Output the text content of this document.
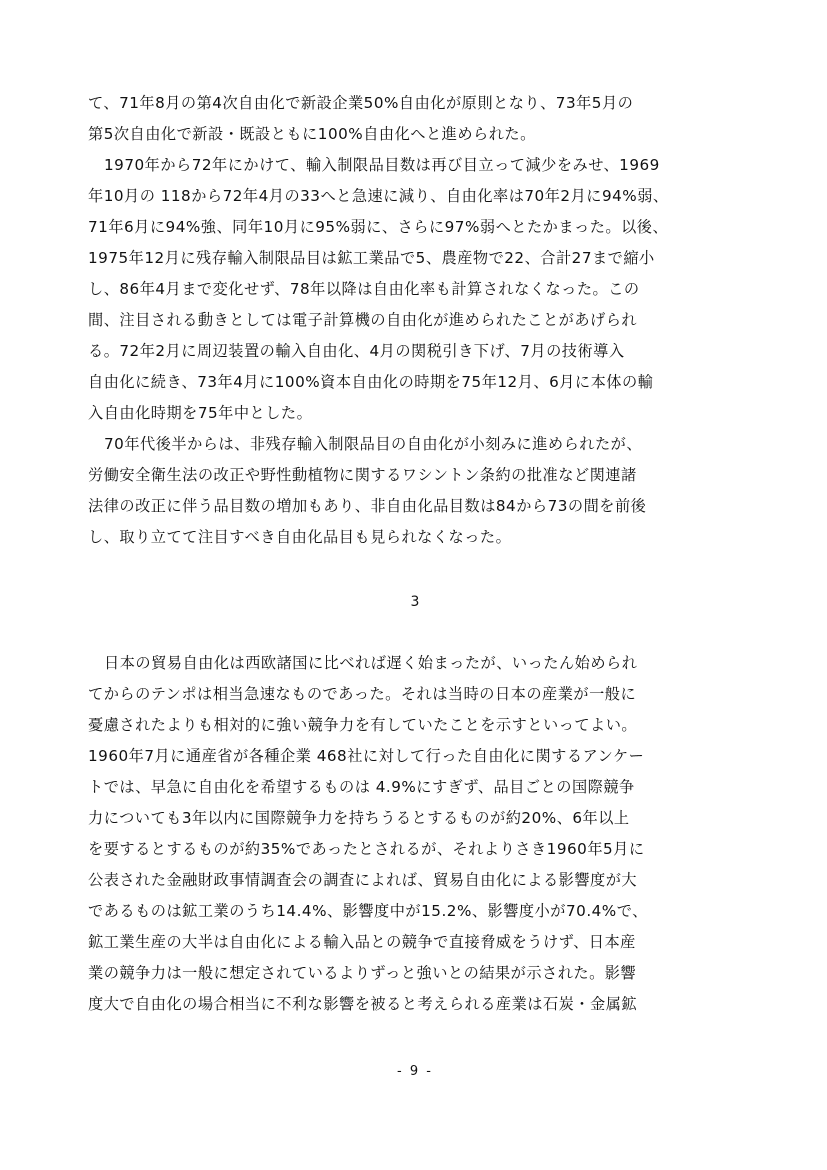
て、71年8月の第4次自由化で新設企業50%自由化が原則となり、73年5月の
第5次自由化で新設・既設ともに100%自由化へと進められた。
1970年から72年にかけて、輸入制限品目数は再び目立って減少をみせ、1969
年10月の 118から72年4月の33へと急速に減り、自由化率は70年2月に94%弱、
71年6月に94%強、同年10月に95%弱に、さらに97%弱へとたかまった。以後、
1975年12月に残存輸入制限品目は鉱工業品で5、農産物で22、合計27まで縮小
し、86年4月まで変化せず、78年以降は自由化率も計算されなくなった。この
間、注目される動きとしては電子計算機の自由化が進められたことがあげられ
る。72年2月に周辺装置の輸入自由化、4月の関税引き下げ、7月の技術導入
自由化に続き、73年4月に100%資本自由化の時期を75年12月、6月に本体の輸
入自由化時期を75年中とした。
70年代後半からは、非残存輸入制限品目の自由化が小刻みに進められたが、
労働安全衛生法の改正や野性動植物に関するワシントン条約の批准など関連諸
法律の改正に伴う品目数の増加もあり、非自由化品目数は84から73の間を前後
し、取り立てて注目すべき自由化品目も見られなくなった。
3
日本の貿易自由化は西欧諸国に比べれば遅く始まったが、いったん始められ
てからのテンポは相当急速なものであった。それは当時の日本の産業が一般に
憂慮されたよりも相対的に強い競争力を有していたことを示すといってよい。
1960年7月に通産省が各種企業 468社に対して行った自由化に関するアンケー
トでは、早急に自由化を希望するものは 4.9%にすぎず、品目ごとの国際競争
力についても3年以内に国際競争力を持ちうるとするものが約20%、6年以上
を要するとするものが約35%であったとされるが、それよりさき1960年5月に
公表された金融財政事情調査会の調査によれば、貿易自由化による影響度が大
であるものは鉱工業のうち14.4%、影響度中が15.2%、影響度小が70.4%で、
鉱工業生産の大半は自由化による輸入品との競争で直接脅威をうけず、日本産
業の競争力は一般に想定されているよりずっと強いとの結果が示された。影響
度大で自由化の場合相当に不利な影響を被ると考えられる産業は石炭・金属鉱
- 9 -
